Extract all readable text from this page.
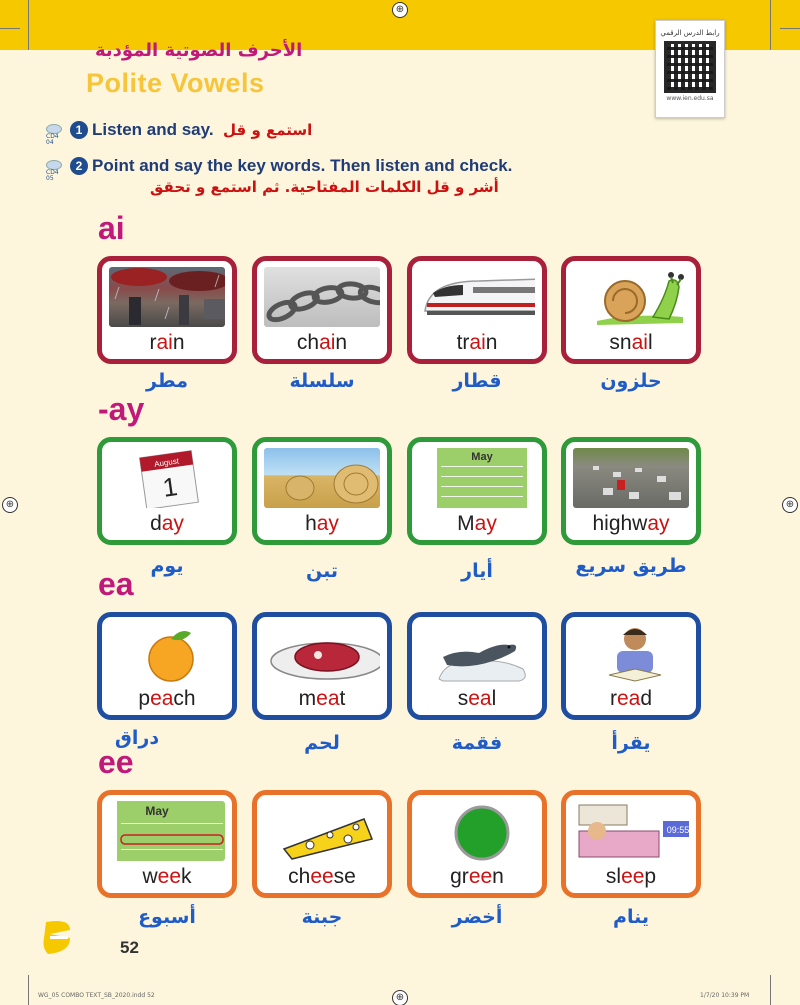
⊕
⊕	⊕
⊕
رابط الدرس الرقمي
www.ien.edu.sa
الأحرف الصوتية المؤدبة
Polite Vowels
CD4 04
1 Listen and say. استمع و قل
CD4 05
2 Point and say the key words. Then listen and check.
أشر و قل الكلمات المفتاحية. ثم استمع و تحقق
ai
-ay
ea
ee
rain	chain	train	snail
مطر	سلسلة	قطار	حلزون
August
1
day	hay
May
May	highway
يوم	تبن	أيار	طريق سريع
peach	meat	seal	read
دراق	لحم	فقمة	يقرأ
May
week	cheese	green
09:55
sleep
أسبوع	جبنة	أخضر	ينام
52
WG_05 COMBO TEXT_SB_2020.indd 52	1/7/20 10:39 PM
